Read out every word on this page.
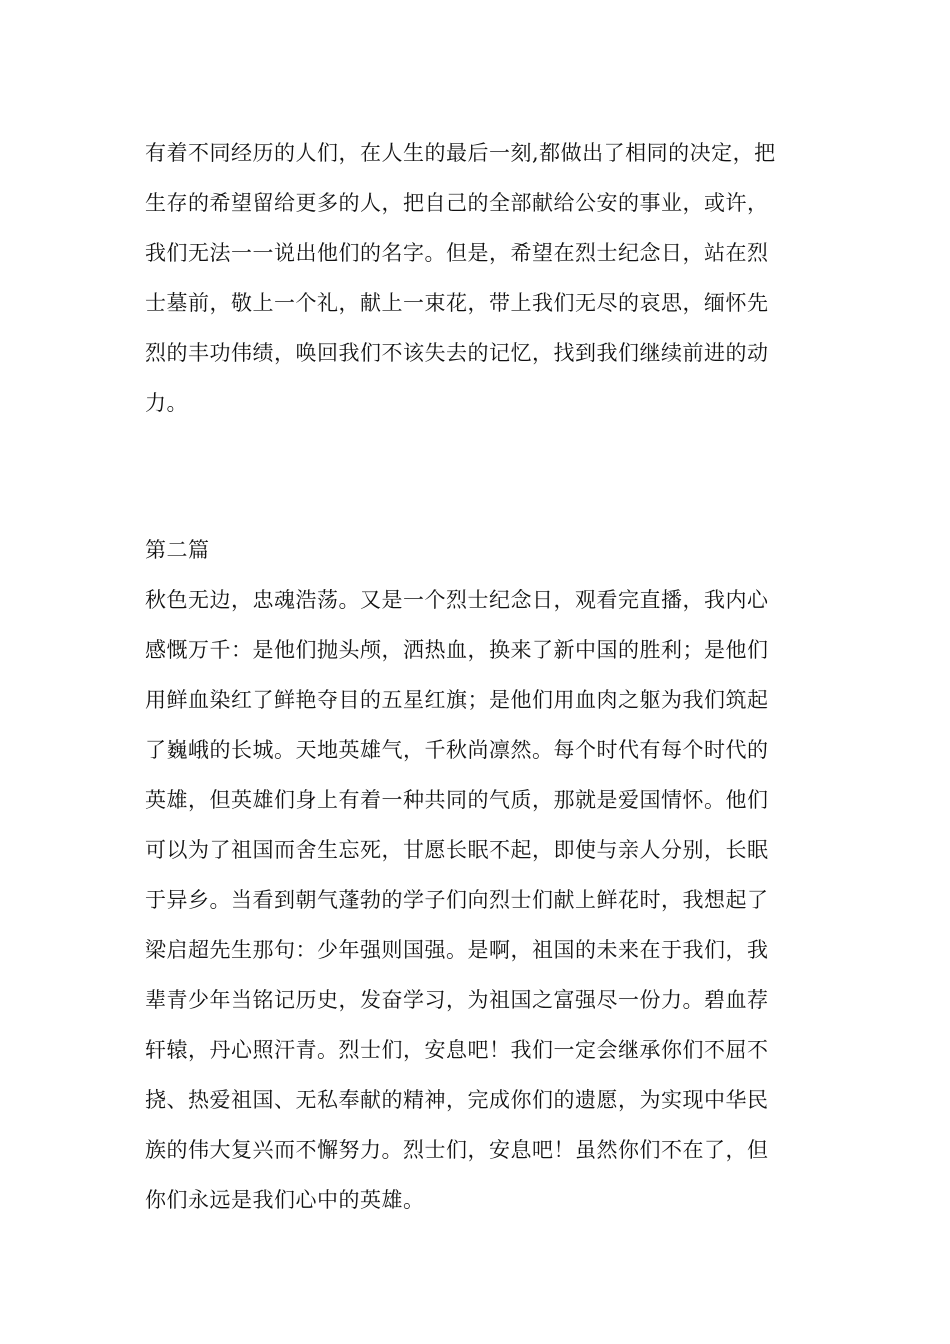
有着不同经历的人们，在人生的最后一刻,都做出了相同的决定，把
生存的希望留给更多的人，把自己的全部献给公安的事业，或许，
我们无法一一说出他们的名字。但是，希望在烈士纪念日，站在烈
士墓前，敬上一个礼，献上一束花，带上我们无尽的哀思，缅怀先
烈的丰功伟绩，唤回我们不该失去的记忆，找到我们继续前进的动
力。
第二篇
秋色无边，忠魂浩荡。又是一个烈士纪念日，观看完直播，我内心
感慨万千：是他们抛头颅，洒热血，换来了新中国的胜利；是他们
用鲜血染红了鲜艳夺目的五星红旗；是他们用血肉之躯为我们筑起
了巍峨的长城。天地英雄气，千秋尚凛然。每个时代有每个时代的
英雄，但英雄们身上有着一种共同的气质，那就是爱国情怀。他们
可以为了祖国而舍生忘死，甘愿长眠不起，即使与亲人分别，长眠
于异乡。当看到朝气蓬勃的学子们向烈士们献上鲜花时，我想起了
梁启超先生那句：少年强则国强。是啊，祖国的未来在于我们，我
辈青少年当铭记历史，发奋学习，为祖国之富强尽一份力。碧血荐
轩辕，丹心照汗青。烈士们，安息吧！我们一定会继承你们不屈不
挠、热爱祖国、无私奉献的精神，完成你们的遗愿，为实现中华民
族的伟大复兴而不懈努力。烈士们，安息吧！虽然你们不在了，但
你们永远是我们心中的英雄。
